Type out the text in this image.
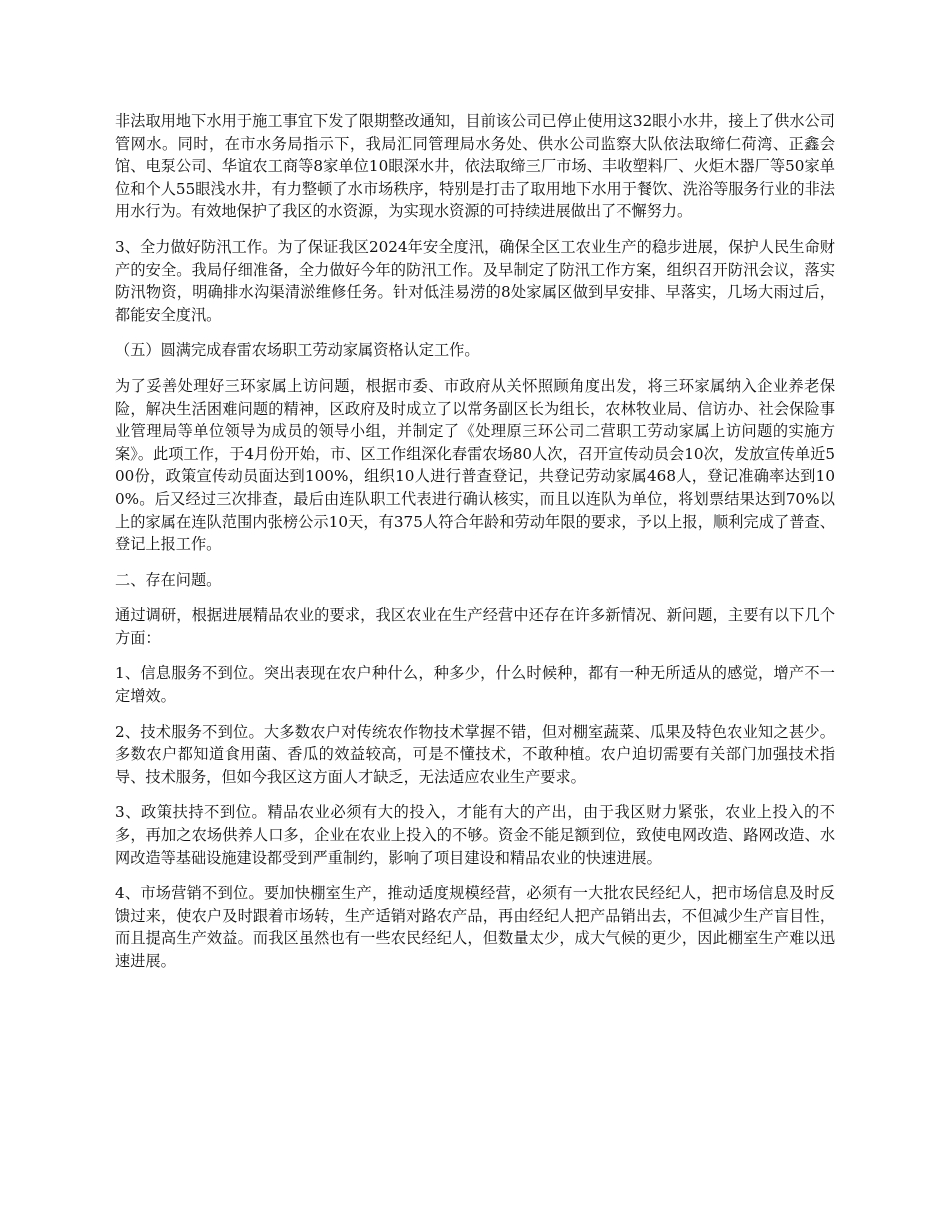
非法取用地下水用于施工事宜下发了限期整改通知，目前该公司已停止使用这32眼小水井，接上了供水公司管网水。同时，在市水务局指示下，我局汇同管理局水务处、供水公司监察大队依法取缔仁荷湾、正鑫会馆、电泵公司、华谊农工商等8家单位10眼深水井，依法取缔三厂市场、丰收塑料厂、火炬木器厂等50家单位和个人55眼浅水井，有力整顿了水市场秩序，特别是打击了取用地下水用于餐饮、洗浴等服务行业的非法用水行为。有效地保护了我区的水资源，为实现水资源的可持续进展做出了不懈努力。

3、全力做好防汛工作。为了保证我区2024年安全度汛，确保全区工农业生产的稳步进展，保护人民生命财产的安全。我局仔细准备，全力做好今年的防汛工作。及早制定了防汛工作方案，组织召开防汛会议，落实防汛物资，明确排水沟渠清淤维修任务。针对低洼易涝的8处家属区做到早安排、早落实，几场大雨过后，都能安全度汛。

（五）圆满完成春雷农场职工劳动家属资格认定工作。

为了妥善处理好三环家属上访问题，根据市委、市政府从关怀照顾角度出发，将三环家属纳入企业养老保险，解决生活困难问题的精神，区政府及时成立了以常务副区长为组长，农林牧业局、信访办、社会保险事业管理局等单位领导为成员的领导小组，并制定了《处理原三环公司二营职工劳动家属上访问题的实施方案》。此项工作，于4月份开始，市、区工作组深化春雷农场80人次，召开宣传动员会10次，发放宣传单近500份，政策宣传动员面达到100%，组织10人进行普查登记，共登记劳动家属468人，登记准确率达到100%。后又经过三次排查，最后由连队职工代表进行确认核实，而且以连队为单位，将划票结果达到70%以上的家属在连队范围内张榜公示10天，有375人符合年龄和劳动年限的要求，予以上报，顺利完成了普查、登记上报工作。

二、存在问题。

通过调研，根据进展精品农业的要求，我区农业在生产经营中还存在许多新情况、新问题，主要有以下几个方面：

1、信息服务不到位。突出表现在农户种什么，种多少，什么时候种，都有一种无所适从的感觉，增产不一定增效。

2、技术服务不到位。大多数农户对传统农作物技术掌握不错，但对棚室蔬菜、瓜果及特色农业知之甚少。多数农户都知道食用菌、香瓜的效益较高，可是不懂技术，不敢种植。农户迫切需要有关部门加强技术指导、技术服务，但如今我区这方面人才缺乏，无法适应农业生产要求。

3、政策扶持不到位。精品农业必须有大的投入，才能有大的产出，由于我区财力紧张，农业上投入的不多，再加之农场供养人口多，企业在农业上投入的不够。资金不能足额到位，致使电网改造、路网改造、水网改造等基础设施建设都受到严重制约，影响了项目建设和精品农业的快速进展。

4、市场营销不到位。要加快棚室生产，推动适度规模经营，必须有一大批农民经纪人，把市场信息及时反馈过来，使农户及时跟着市场转，生产适销对路农产品，再由经纪人把产品销出去，不但减少生产盲目性，而且提高生产效益。而我区虽然也有一些农民经纪人，但数量太少，成大气候的更少，因此棚室生产难以迅速进展。
